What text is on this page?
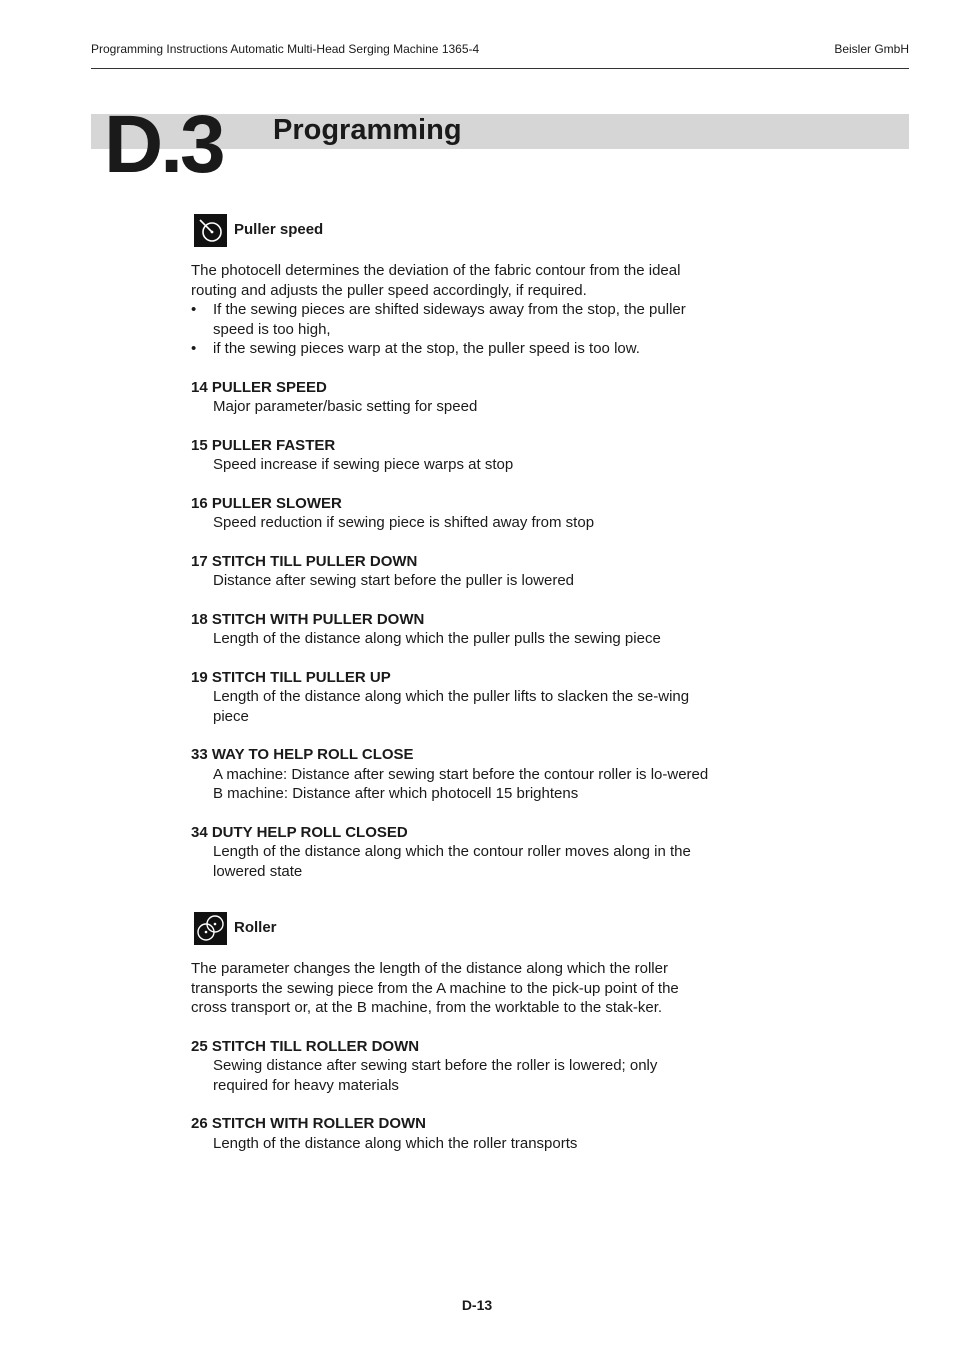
Programming Instructions Automatic Multi-Head Serging Machine 1365-4	Beisler GmbH
D.3 Programming
Puller speed

The photocell determines the deviation of the fabric contour from the ideal routing and adjusts the puller speed accordingly, if required.

• If the sewing pieces are shifted sideways away from the stop, the puller speed is too high,
• if the sewing pieces warp at the stop, the puller speed is too low.
14 PULLER SPEED
Major parameter/basic setting for speed
15 PULLER FASTER
Speed increase if sewing piece warps at stop
16 PULLER SLOWER
Speed reduction if sewing piece is shifted away from stop
17 STITCH TILL PULLER DOWN
Distance after sewing start before the puller is lowered
18 STITCH WITH PULLER DOWN
Length of the distance along which the puller pulls the sewing piece
19 STITCH TILL PULLER UP
Length of the distance along which the puller lifts to slacken the se-wing piece
33 WAY TO HELP ROLL CLOSE
A machine: Distance after sewing start before the contour roller is lo-wered
B machine: Distance after which photocell 15 brightens
34 DUTY HELP ROLL CLOSED
Length of the distance along which the contour roller moves along in the lowered state
Roller

The parameter changes the length of the distance along which the roller transports the sewing piece from the A machine to the pick-up point of the cross transport or, at the B machine, from the worktable to the stak-ker.

25 STITCH TILL ROLLER DOWN
Sewing distance after sewing start before the roller is lowered; only required for heavy materials
26 STITCH WITH ROLLER DOWN
Length of the distance along which the roller transports
D-13
